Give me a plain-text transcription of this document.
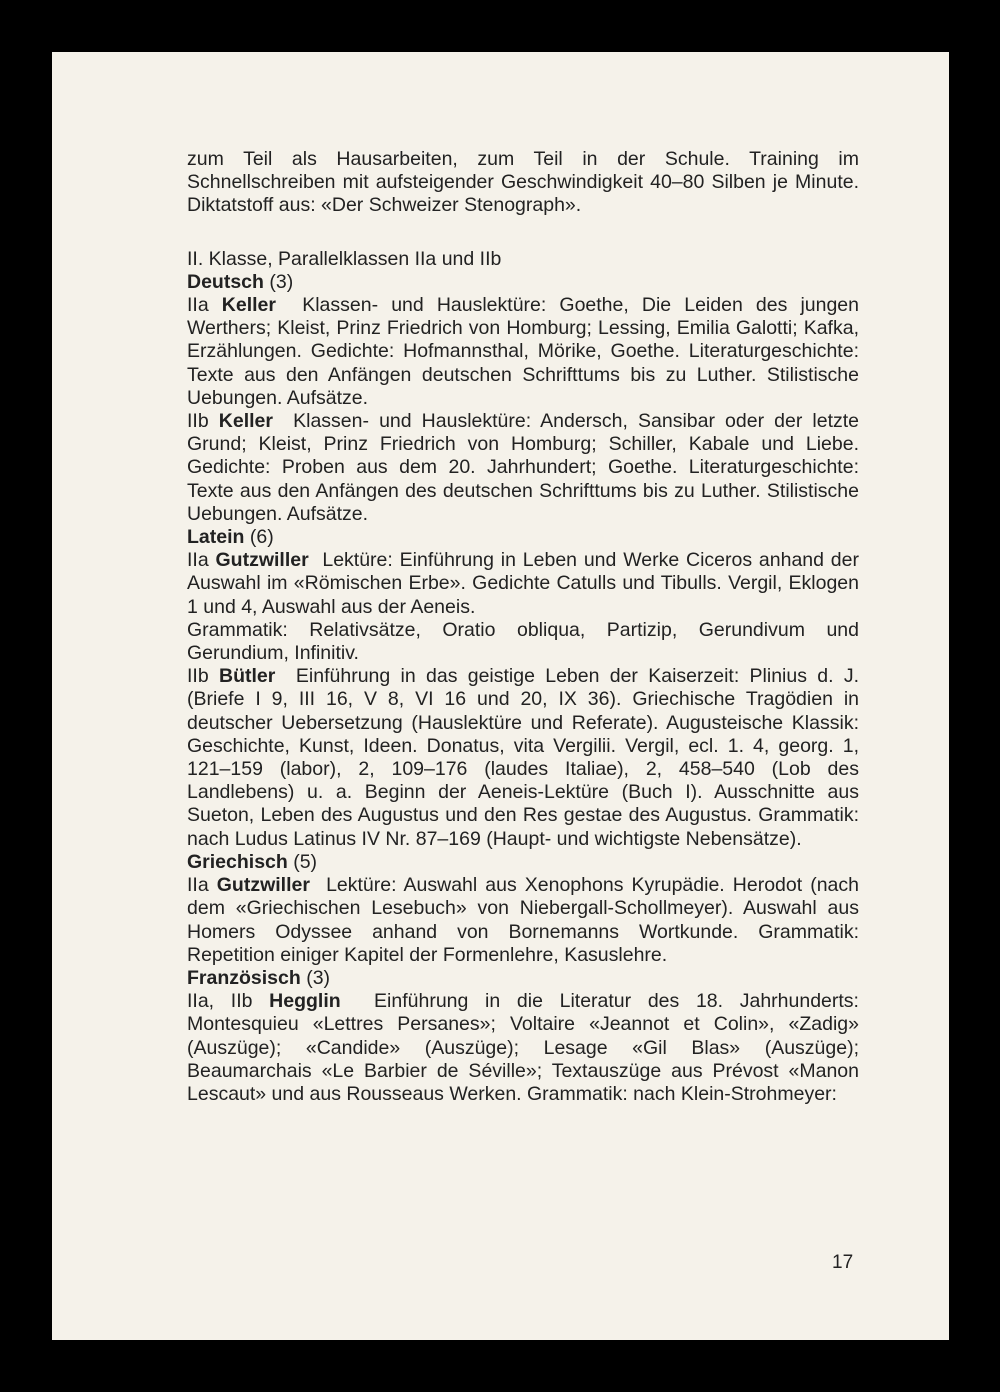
zum Teil als Hausarbeiten, zum Teil in der Schule. Training im Schnellschreiben mit aufsteigender Geschwindigkeit 40–80 Silben je Minute. Diktatstoff aus: «Der Schweizer Stenograph».

II. Klasse, Parallelklassen IIa und IIb

Deutsch (3)

IIa Keller Klassen- und Hauslektüre: Goethe, Die Leiden des jungen Werthers; Kleist, Prinz Friedrich von Homburg; Lessing, Emilia Galotti; Kafka, Erzählungen. Gedichte: Hofmannsthal, Mörike, Goethe. Literaturgeschichte: Texte aus den Anfängen deutschen Schrifttums bis zu Luther. Stilistische Uebungen. Aufsätze.

IIb Keller Klassen- und Hauslektüre: Andersch, Sansibar oder der letzte Grund; Kleist, Prinz Friedrich von Homburg; Schiller, Kabale und Liebe. Gedichte: Proben aus dem 20. Jahrhundert; Goethe. Literaturgeschichte: Texte aus den Anfängen des deutschen Schrifttums bis zu Luther. Stilistische Uebungen. Aufsätze.

Latein (6)

IIa Gutzwiller Lektüre: Einführung in Leben und Werke Ciceros anhand der Auswahl im «Römischen Erbe». Gedichte Catulls und Tibulls. Vergil, Eklogen 1 und 4, Auswahl aus der Aeneis.

Grammatik: Relativsätze, Oratio obliqua, Partizip, Gerundivum und Gerundium, Infinitiv.

IIb Bütler Einführung in das geistige Leben der Kaiserzeit: Plinius d. J. (Briefe I 9, III 16, V 8, VI 16 und 20, IX 36). Griechische Tragödien in deutscher Uebersetzung (Hauslektüre und Referate). Augusteische Klassik: Geschichte, Kunst, Ideen. Donatus, vita Vergilii. Vergil, ecl. 1. 4, georg. 1, 121–159 (labor), 2, 109–176 (laudes Italiae), 2, 458–540 (Lob des Landlebens) u. a. Beginn der Aeneis-Lektüre (Buch I). Ausschnitte aus Sueton, Leben des Augustus und den Res gestae des Augustus. Grammatik: nach Ludus Latinus IV Nr. 87–169 (Haupt- und wichtigste Nebensätze).

Griechisch (5)

IIa Gutzwiller Lektüre: Auswahl aus Xenophons Kyrupädie. Herodot (nach dem «Griechischen Lesebuch» von Niebergall-Schollmeyer). Auswahl aus Homers Odyssee anhand von Bornemanns Wortkunde. Grammatik: Repetition einiger Kapitel der Formenlehre, Kasuslehre.

Französisch (3)

IIa, IIb Hegglin Einführung in die Literatur des 18. Jahrhunderts: Montesquieu «Lettres Persanes»; Voltaire «Jeannot et Colin», «Zadig» (Auszüge); «Candide» (Auszüge); Lesage «Gil Blas» (Auszüge); Beaumarchais «Le Barbier de Séville»; Textauszüge aus Prévost «Manon Lescaut» und aus Rousseaus Werken. Grammatik: nach Klein-Strohmeyer:

17
